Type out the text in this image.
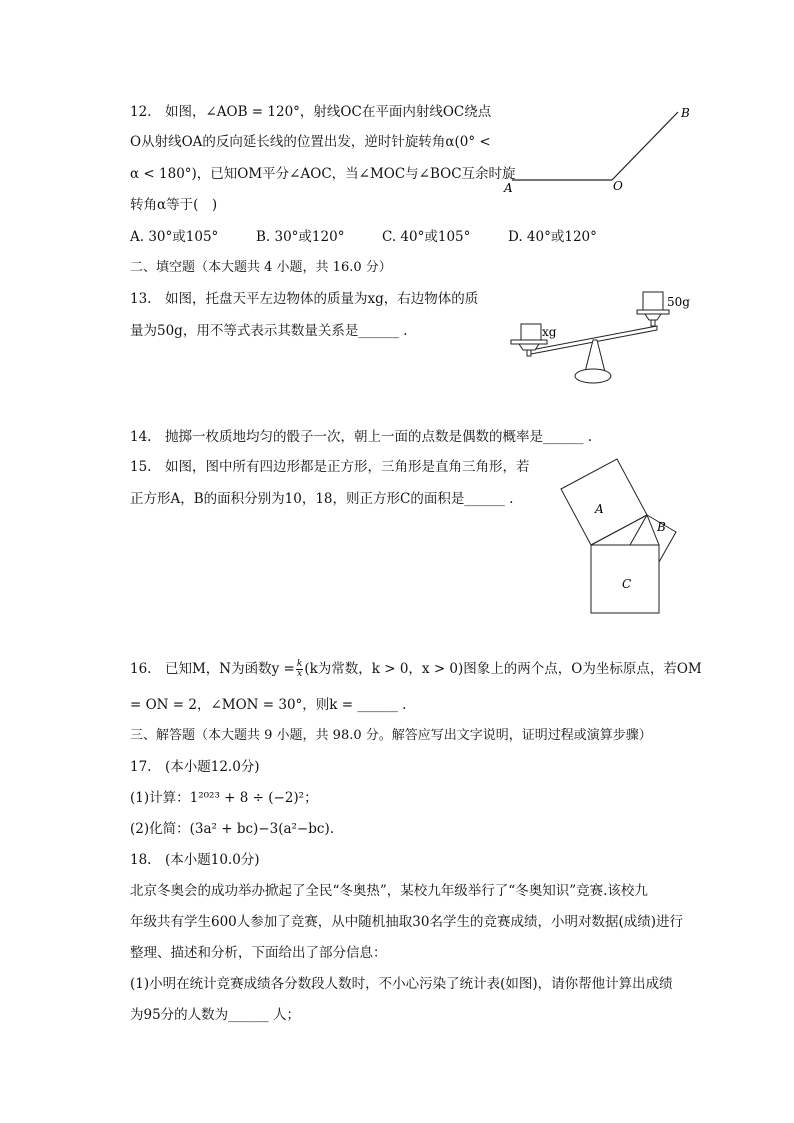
12.　如图，∠AOB = 120°，射线OC在平面内射线OC绕点
O从射线OA的反向延长线的位置出发，逆时针旋转角α(0° <
α < 180°)，已知OM平分∠AOC，当∠MOC与∠BOC互余时旋
转角α等于(　)
A. 30°或105°	B. 30°或120°	C. 40°或105°	D. 40°或120°
A	O
B
二、填空题（本大题共 4 小题，共 16.0 分）
13.　如图，托盘天平左边物体的质量为xg，右边物体的质
量为50g，用不等式表示其数量关系是______ .
50g
xg
14.　抛掷一枚质地均匀的骰子一次，朝上一面的点数是偶数的概率是______ .
15.　如图，图中所有四边形都是正方形，三角形是直角三角形，若
正方形A，B的面积分别为10，18，则正方形C的面积是______ .
A
B
C
16.　已知M，N为函数$y = \frac{k}{x} (k$为常数，k > 0，x > 0)图象上的两个点，O为坐标原点，若OM
= ON = 2，∠MON = 30°，则k = ______ .
三、解答题（本大题共 9 小题，共 98.0 分。解答应写出文字说明，证明过程或演算步骤）
17.　(本小题12.0分)
(1)计算：1²⁰²³ + 8 ÷ (−2)²；
(2)化简：(3a² + bc)−3(a²−bc).
18.　(本小题10.0分)
北京冬奥会的成功举办掀起了全民“冬奥热”，某校九年级举行了“冬奥知识”竞赛.该校九
年级共有学生600人参加了竞赛，从中随机抽取30名学生的竞赛成绩，小明对数据(成绩)进行
整理、描述和分析，下面给出了部分信息：
(1)小明在统计竞赛成绩各分数段人数时，不小心污染了统计表(如图)，请你帮他计算出成绩
为95分的人数为______ 人；
